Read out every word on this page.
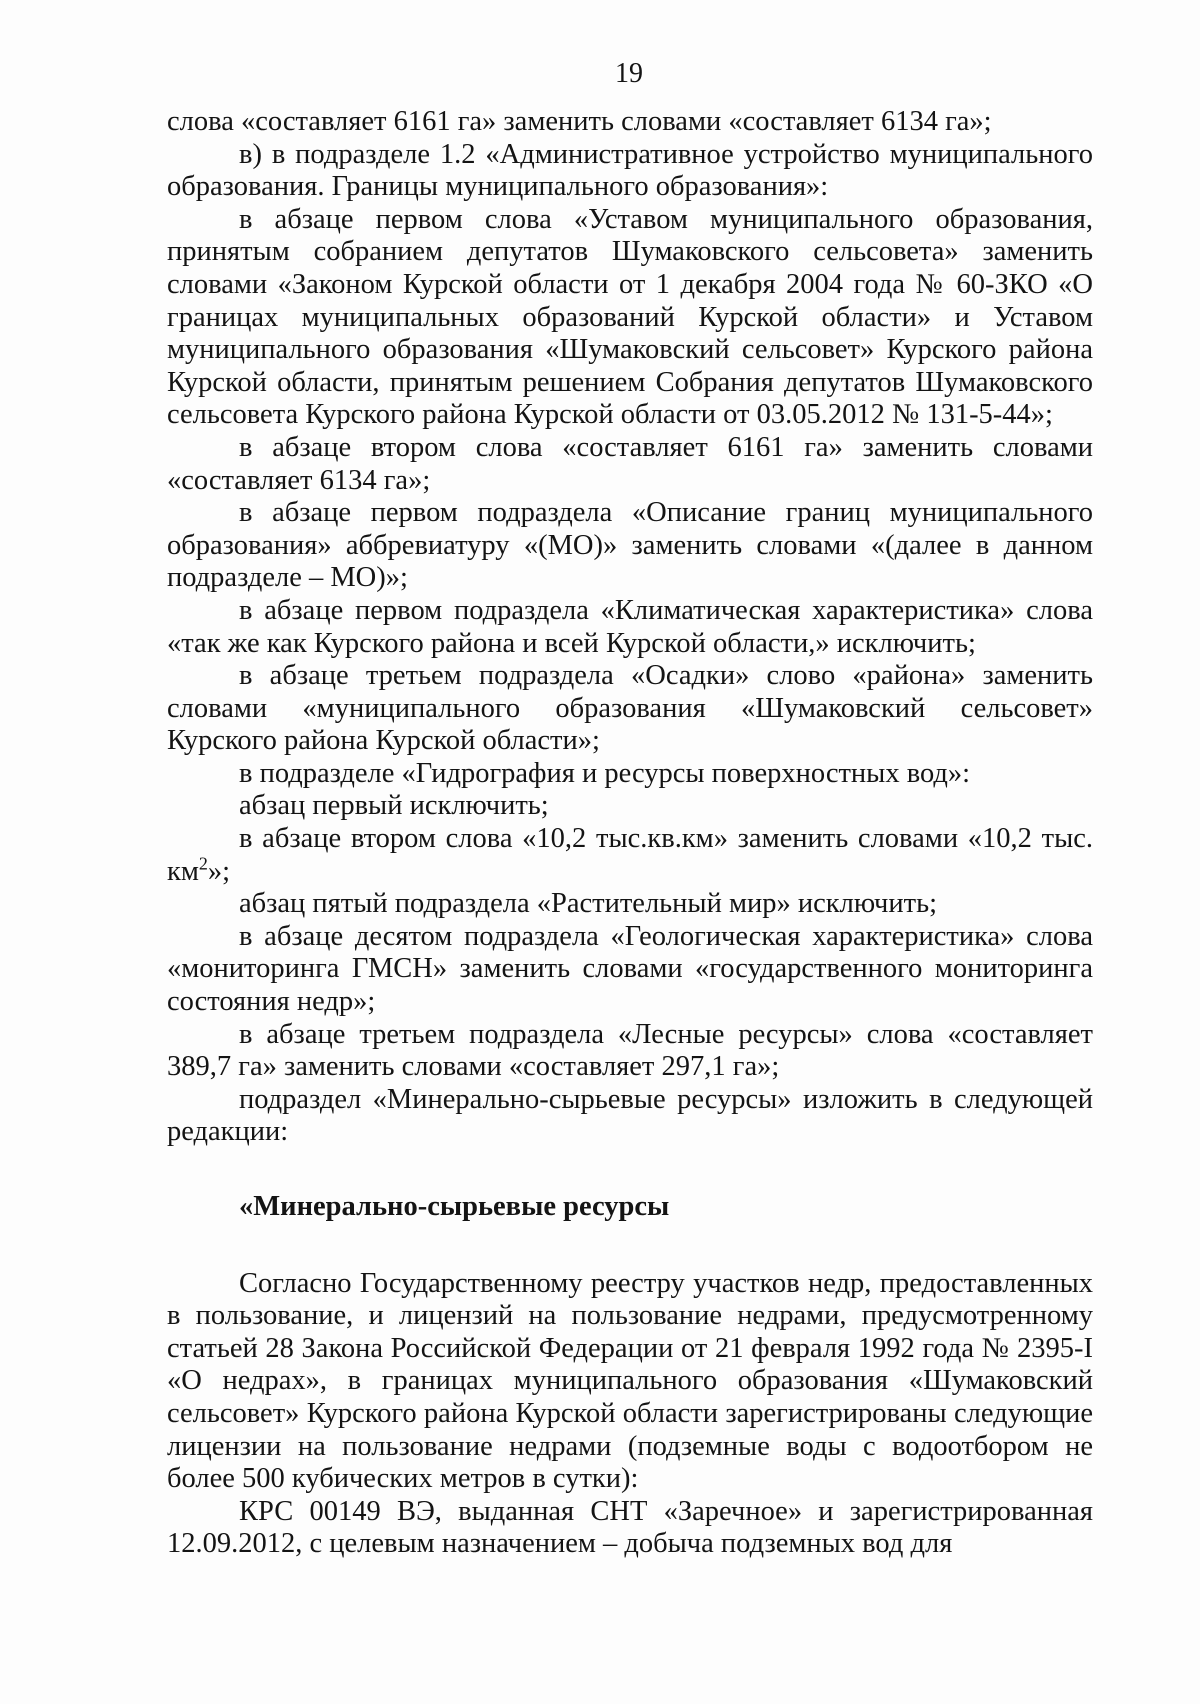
19

слова «составляет 6161 га» заменить словами «составляет 6134 га»;

в) в подразделе 1.2 «Административное устройство муниципального образования. Границы муниципального образования»:

в абзаце первом слова «Уставом муниципального образования, принятым собранием депутатов Шумаковского сельсовета» заменить словами «Законом Курской области от 1 декабря 2004 года № 60-ЗКО «О границах муниципальных образований Курской области» и Уставом муниципального образования «Шумаковский сельсовет» Курского района Курской области, принятым решением Собрания депутатов Шумаковского сельсовета Курского района Курской области от 03.05.2012 № 131-5-44»;

в абзаце втором слова «составляет 6161 га» заменить словами «составляет 6134 га»;

в абзаце первом подраздела «Описание границ муниципального образования» аббревиатуру «(МО)» заменить словами «(далее в данном подразделе – МО)»;

в абзаце первом подраздела «Климатическая характеристика» слова «так же как Курского района и всей Курской области,» исключить;

в абзаце третьем подраздела «Осадки» слово «района» заменить словами «муниципального образования «Шумаковский сельсовет» Курского района Курской области»;

в подразделе «Гидрография и ресурсы поверхностных вод»:

абзац первый исключить;

в абзаце втором слова «10,2 тыс.кв.км» заменить словами «10,2 тыс. $км^2$»;

абзац пятый подраздела «Растительный мир» исключить;

в абзаце десятом подраздела «Геологическая характеристика» слова «мониторинга ГМСН» заменить словами «государственного мониторинга состояния недр»;

в абзаце третьем подраздела «Лесные ресурсы» слова «составляет 389,7 га» заменить словами «составляет 297,1 га»;

подраздел «Минерально-сырьевые ресурсы» изложить в следующей редакции:

«Минерально-сырьевые ресурсы

Согласно Государственному реестру участков недр, предоставленных в пользование, и лицензий на пользование недрами, предусмотренному статьей 28 Закона Российской Федерации от 21 февраля 1992 года № 2395-I «О недрах», в границах муниципального образования «Шумаковский сельсовет» Курского района Курской области зарегистрированы следующие лицензии на пользование недрами (подземные воды с водоотбором не более 500 кубических метров в сутки):

КРС 00149 ВЭ, выданная СНТ «Заречное» и зарегистрированная 12.09.2012, с целевым назначением – добыча подземных вод для
